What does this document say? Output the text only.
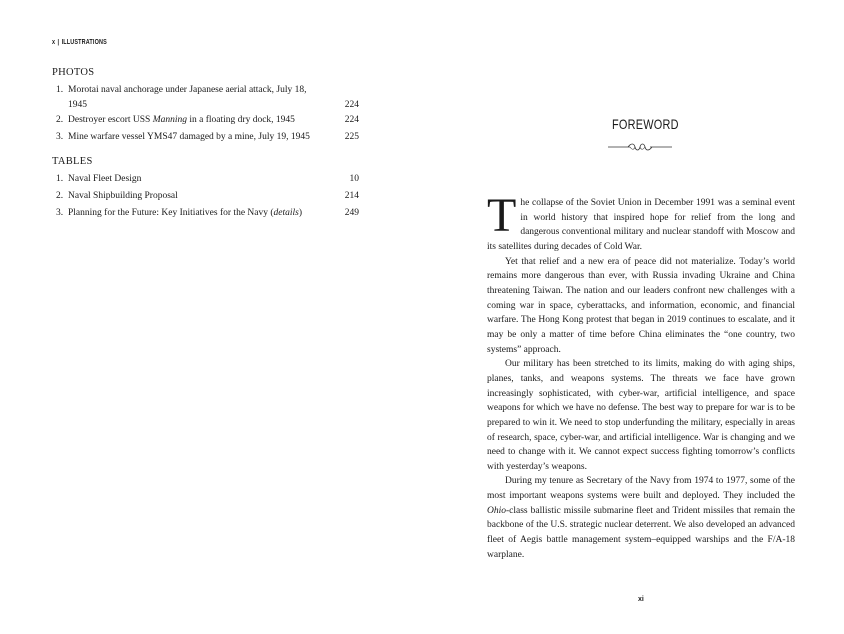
x | ILLUSTRATIONS
PHOTOS
1. Morotai naval anchorage under Japanese aerial attack, July 18, 1945	224
2. Destroyer escort USS Manning in a floating dry dock, 1945	224
3. Mine warfare vessel YMS47 damaged by a mine, July 19, 1945	225
TABLES
1. Naval Fleet Design	10
2. Naval Shipbuilding Proposal	214
3. Planning for the Future: Key Initiatives for the Navy (details)	249
FOREWORD

The collapse of the Soviet Union in December 1991 was a seminal event in world history that inspired hope for relief from the long and dangerous conventional military and nuclear standoff with Moscow and its satellites during decades of Cold War.

Yet that relief and a new era of peace did not materialize. Today’s world remains more dangerous than ever, with Russia invading Ukraine and China threatening Taiwan. The nation and our leaders confront new challenges with a coming war in space, cyberattacks, and information, economic, and financial warfare. The Hong Kong protest that began in 2019 continues to escalate, and it may be only a matter of time before China eliminates the “one country, two systems” approach.

Our military has been stretched to its limits, making do with aging ships, planes, tanks, and weapons systems. The threats we face have grown increasingly sophisticated, with cyber-war, artificial intelligence, and space weapons for which we have no defense. The best way to prepare for war is to be prepared to win it. We need to stop underfunding the military, especially in areas of research, space, cyber-war, and artificial intelligence. War is changing and we need to change with it. We cannot expect success fighting tomorrow’s conflicts with yesterday’s weapons.

During my tenure as Secretary of the Navy from 1974 to 1977, some of the most important weapons systems were built and deployed. They included the Ohio-class ballistic missile submarine fleet and Trident missiles that remain the backbone of the U.S. strategic nuclear deterrent. We also developed an advanced fleet of Aegis battle management system–equipped warships and the F/A-18 warplane.

xi
